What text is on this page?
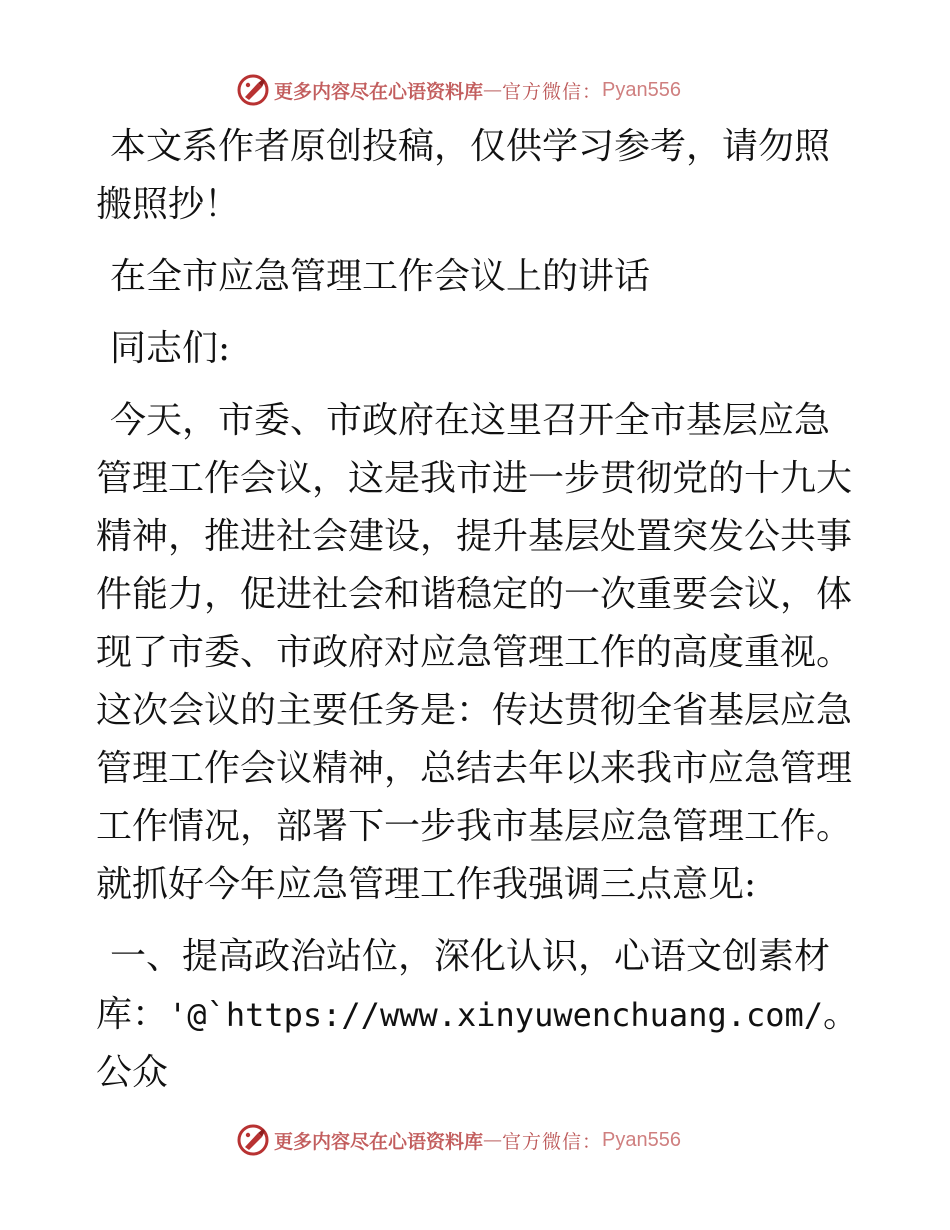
更多内容尽在心语资料库 — 官方微信： Pyan556

本文系作者原创投稿，仅供学习参考，请勿照搬照抄！

在全市应急管理工作会议上的讲话

同志们:

今天，市委、市政府在这里召开全市基层应急管理工作会议，这是我市进一步贯彻党的十九大精神，推进社会建设，提升基层处置突发公共事件能力，促进社会和谐稳定的一次重要会议，体现了市委、市政府对应急管理工作的高度重视。这次会议的主要任务是：传达贯彻全省基层应急管理工作会议精神，总结去年以来我市应急管理工作情况，部署下一步我市基层应急管理工作。就抓好今年应急管理工作我强调三点意见:

一、提高政治站位，深化认识，心语文创素材库：'@`https://www.xinyuwenchuang.com/。公众

更多内容尽在心语资料库 — 官方微信： Pyan556
